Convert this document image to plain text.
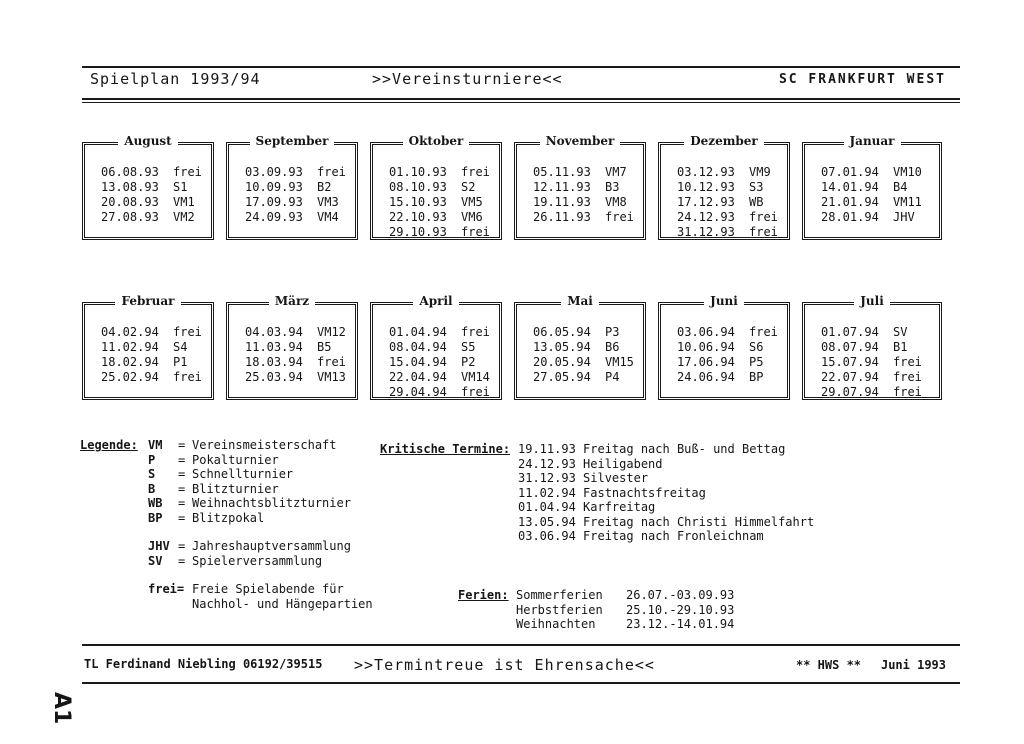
Spielplan 1993/94	>>Vereinsturniere<<	SC FRANKFURT WEST
August
06.08.93 frei
13.08.93 S1
20.08.93 VM1
27.08.93 VM2
September
03.09.93 frei
10.09.93 B2
17.09.93 VM3
24.09.93 VM4
Oktober
01.10.93 frei
08.10.93 S2
15.10.93 VM5
22.10.93 VM6
29.10.93 frei
November
05.11.93 VM7
12.11.93 B3
19.11.93 VM8
26.11.93 frei
Dezember
03.12.93 VM9
10.12.93 S3
17.12.93 WB
24.12.93 frei
31.12.93 frei
Januar
07.01.94 VM10
14.01.94 B4
21.01.94 VM11
28.01.94 JHV
Februar
04.02.94 frei
11.02.94 S4
18.02.94 P1
25.02.94 frei
März
04.03.94 VM12
11.03.94 B5
18.03.94 frei
25.03.94 VM13
April
01.04.94 frei
08.04.94 S5
15.04.94 P2
22.04.94 VM14
29.04.94 frei
Mai
06.05.94 P3
13.05.94 B6
20.05.94 VM15
27.05.94 P4
Juni
03.06.94 frei
10.06.94 S6
17.06.94 P5
24.06.94 BP
Juli
01.07.94 SV
08.07.94 B1
15.07.94 frei
22.07.94 frei
29.07.94 frei
Legende: VM = Vereinsmeisterschaft
P = Pokalturnier
S = Schnellturnier
B = Blitzturnier
WB = Weihnachtsblitzturnier
BP = Blitzpokal
JHV = Jahreshauptversammlung
SV = Spielerversammlung
frei= Freie Spielabende für
Nachhol- und Hängepartien
Kritische Termine: 19.11.93 Freitag nach Buß- und Bettag
24.12.93 Heiligabend
31.12.93 Silvester
11.02.94 Fastnachtsfreitag
01.04.94 Karfreitag
13.05.94 Freitag nach Christi Himmelfahrt
03.06.94 Freitag nach Fronleichnam
Ferien: Sommerferien 26.07.-03.09.93
Herbstferien 25.10.-29.10.93
Weihnachten	23.12.-14.01.94
TL Ferdinand Niebling 06192/39515 >>Termintreue ist Ehrensache<<	** HWS ** Juni 1993
A1
